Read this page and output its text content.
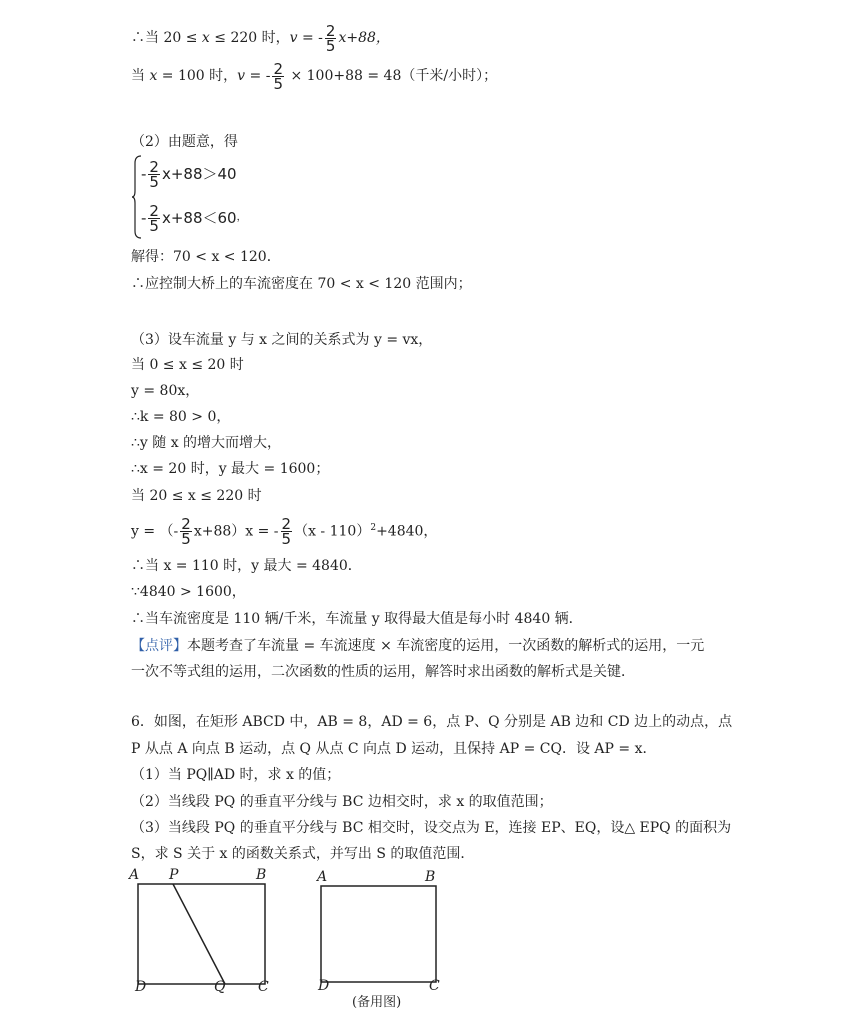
∴当 20 ≤ x ≤ 220 时，v = - $\frac{2}{5} x+88$，
当 x = 100 时，v = - $\frac{2}{5} \times 100+88 = 48$（千米/小时）；
（2）由题意，得
- $\frac{2}{5} x+88>40$
- $\frac{2}{5} x+88<60^,$
解得：70 < x < 120．
∴应控制大桥上的车流密度在 70 < x < 120 范围内；
（3）设车流量 y 与 x 之间的关系式为 y = vx，
当 0 ≤ x ≤ 20 时
y = 80x，
∴k = 80 > 0，
∴y 随 x 的增大而增大，
∴x = 20 时，y 最大 = 1600；
当 20 ≤ x ≤ 220 时
y = （- $\frac{2}{5} x+88)x$ = - $\frac{2}{5} (x - 110)^2+4840$，
∴当 x = 110 时，y 最大 = 4840．
∵4840 > 1600，
∴当车流密度是 110 辆/千米，车流量 y 取得最大值是每小时 4840 辆．
【点评】本题考查了车流量 = 车流速度 × 车流密度的运用，一次函数的解析式的运用，一元
一次不等式组的运用，二次函数的性质的运用，解答时求出函数的解析式是关键．
6．如图，在矩形 ABCD 中，AB = 8，AD = 6，点 P、Q 分别是 AB 边和 CD 边上的动点，点
P 从点 A 向点 B 运动，点 Q 从点 C 向点 D 运动，且保持 AP = CQ．设 AP = x．
（1）当 PQ∥AD 时，求 x 的值；
（2）当线段 PQ 的垂直平分线与 BC 边相交时，求 x 的取值范围；
（3）当线段 PQ 的垂直平分线与 BC 相交时，设交点为 E，连接 EP、EQ，设△ EPQ 的面积为
S，求 S 关于 x 的函数关系式，并写出 S 的取值范围．
A P	B
D	Q C
A	B
D	C
(备用图)
